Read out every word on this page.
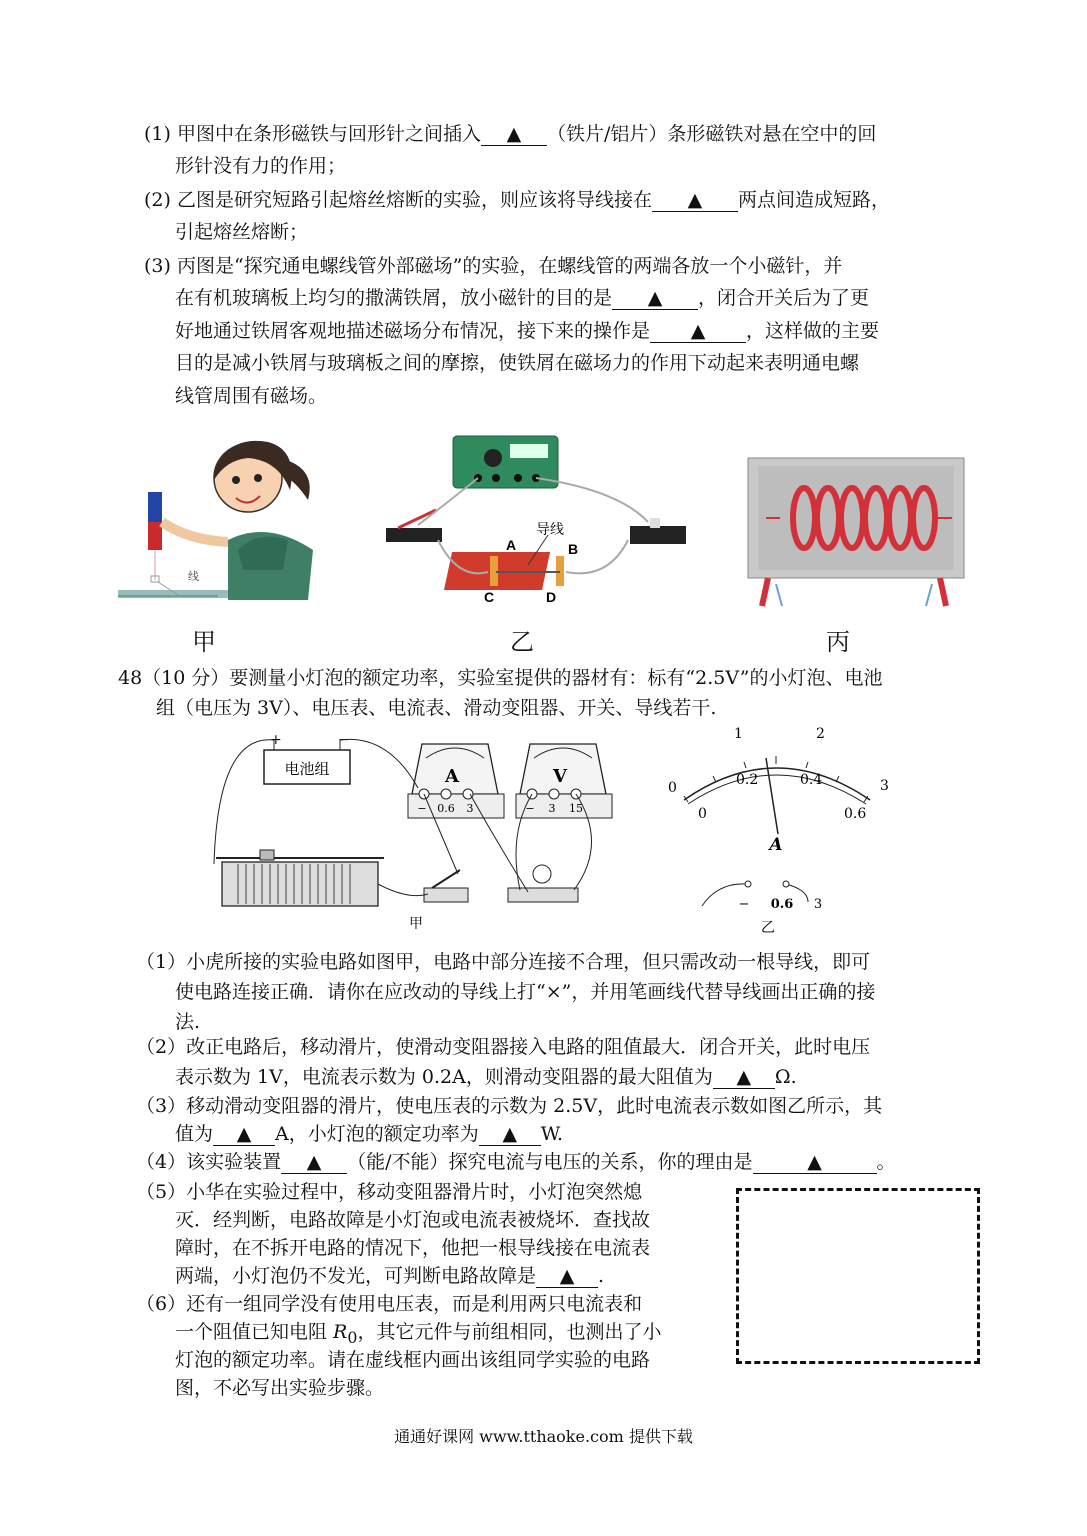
(1) 甲图中在条形磁铁与回形针之间插入 ▲ （铁片/铝片）条形磁铁对悬在空中的回
形针没有力的作用；
(2) 乙图是研究短路引起熔丝熔断的实验，则应该将导线接在 ▲ 两点间造成短路，
引起熔丝熔断；
(3) 丙图是“探究通电螺线管外部磁场”的实验，在螺线管的两端各放一个小磁针，并
在有机玻璃板上均匀的撒满铁屑，放小磁针的目的是 ▲ ，闭合开关后为了更
好地通过铁屑客观地描述磁场分布情况，接下来的操作是 ▲ ，这样做的主要
目的是减小铁屑与玻璃板之间的摩擦，使铁屑在磁场力的作用下动起来表明通电螺
线管周围有磁场。
线
导线
A	B
C	D
甲	乙	丙
48（10 分）要测量小灯泡的额定功率，实验室提供的器材有：标有“2.5V”的小灯泡、电池
组（电压为 3V）、电压表、电流表、滑动变阻器、开关、导线若干.
电池组
+	−
A
− 0.6 3
V
− 3 15
甲
0
1	2
3
0
0.2	0.4
0.6
A
− 0.6 3
乙
（1）小虎所接的实验电路如图甲，电路中部分连接不合理，但只需改动一根导线，即可
使电路连接正确．请你在应改动的导线上打“×”，并用笔画线代替导线画出正确的接
法.
（2）改正电路后，移动滑片，使滑动变阻器接入电路的阻值最大．闭合开关，此时电压
表示数为 1V，电流表示数为 0.2A，则滑动变阻器的最大阻值为 ▲ Ω.
（3）移动滑动变阻器的滑片，使电压表的示数为 2.5V，此时电流表示数如图乙所示，其
值为 ▲ A，小灯泡的额定功率为 ▲ W.
（4）该实验装置 ▲ （能/不能）探究电流与电压的关系，你的理由是	▲	。
（5）小华在实验过程中，移动变阻器滑片时，小灯泡突然熄
灭．经判断，电路故障是小灯泡或电流表被烧坏．查找故
障时，在不拆开电路的情况下，他把一根导线接在电流表
两端，小灯泡仍不发光，可判断电路故障是 ▲ .
（6）还有一组同学没有使用电压表，而是利用两只电流表和
一个阻值已知电阻 $R_0$，其它元件与前组相同，也测出了小
灯泡的额定功率。请在虚线框内画出该组同学实验的电路
图，不必写出实验步骤。
通通好课网 www.tthaoke.com 提供下载
